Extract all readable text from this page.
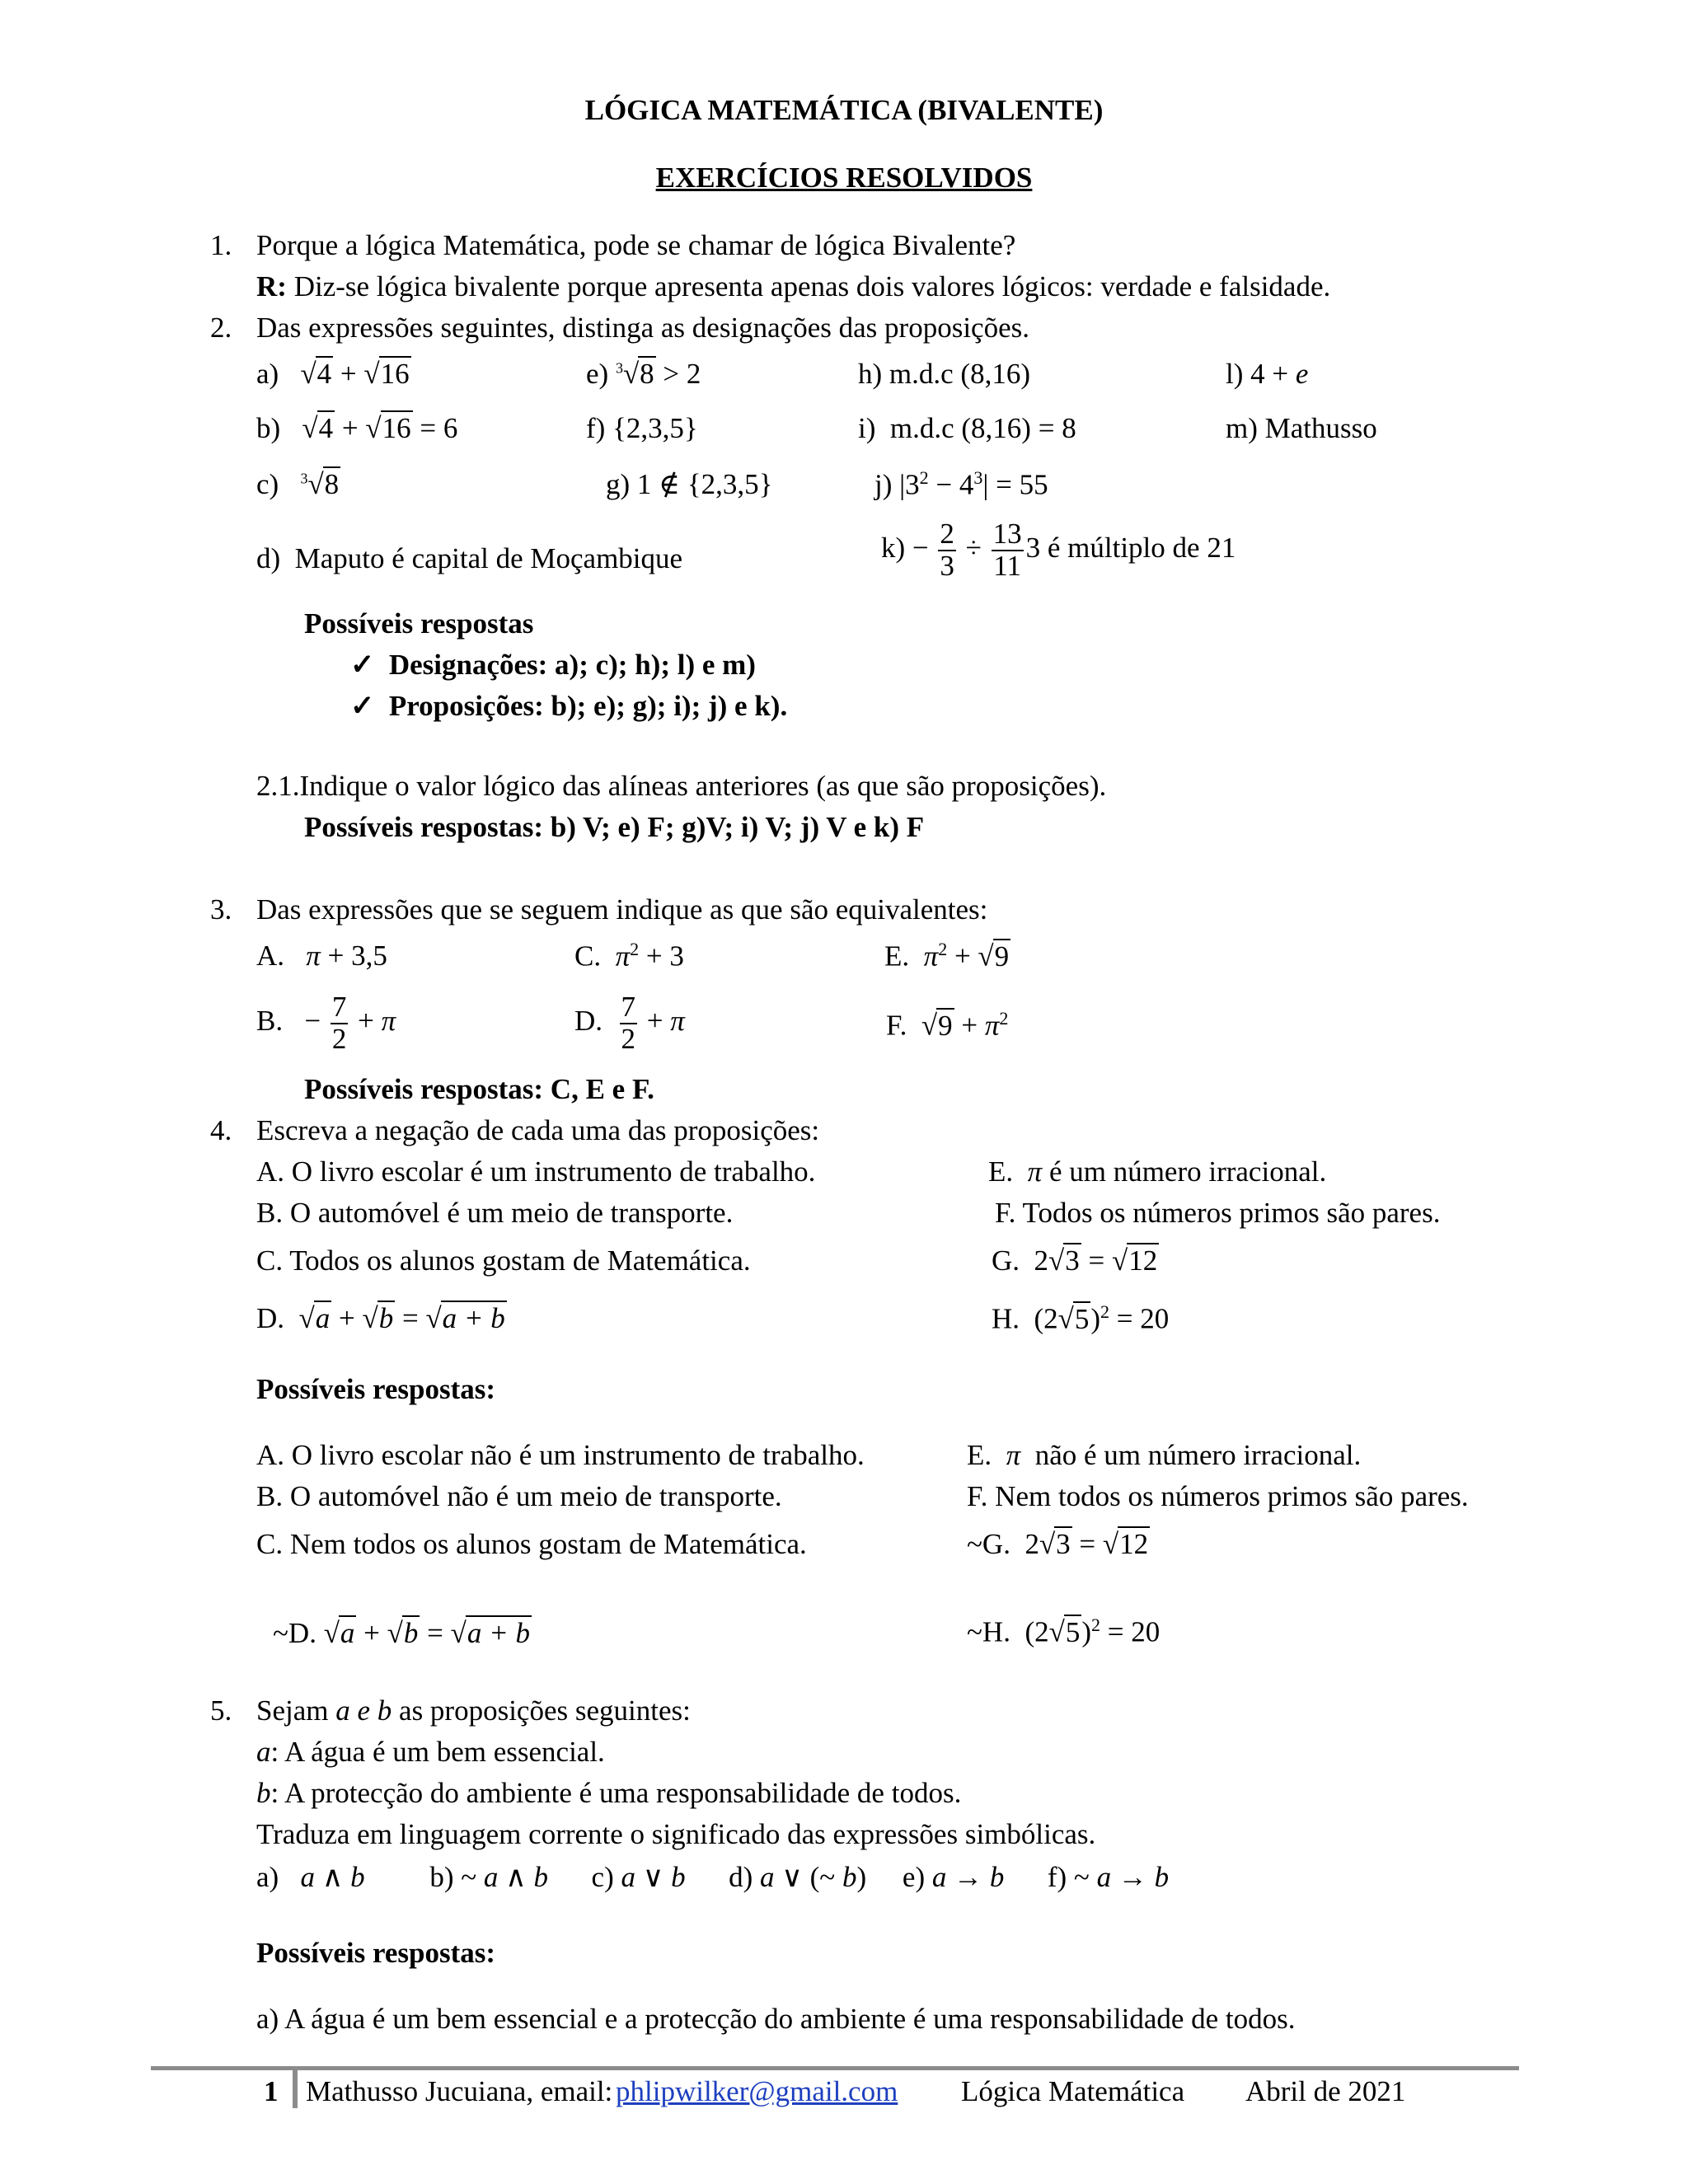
LÓGICA MATEMÁTICA (BIVALENTE)
EXERCÍCIOS RESOLVIDOS
1. Porque a lógica Matemática, pode se chamar de lógica Bivalente?
R: Diz-se lógica bivalente porque apresenta apenas dois valores lógicos: verdade e falsidade.
2. Das expressões seguintes, distinga as designações das proposições.
a)   √4 + √16	e) $^3$√8 > 2	h) m.d.c (8,16)	l) 4 + e
b)   √4 + √16 = 6	f) {2,3,5}	i) m.d.c (8,16) = 8	m) Mathusso
c) $^3$√8	g) 1 ∉ {2,3,5}	j) $|3^2 - 4^3| = 55$
d) Maputo é capital de Moçambique	$k) - \frac{2}{3} \div \frac{13}{11} 3$ é múltiplo de 21
Possíveis respostas
✓ Designações: a); c); h); l) e m)
✓ Proposições: b); e); g); i); j) e k).
2.1.Indique o valor lógico das alíneas anteriores (as que são proposições).
Possíveis respostas: b) V; e) F; g)V; i) V; j) V e k) F
3. Das expressões que se seguem indique as que são equivalentes:
A.   π + 3,5	C.  $\pi^2 + 3$	E.  $\pi^2 + √9$
B.   − $\frac{7}{2} + \pi$	D. $\frac{7}{2} + \pi$	F.  $√9 + \pi^2$
Possíveis respostas: C, E e F.
4. Escreva a negação de cada uma das proposições:
A. O livro escolar é um instrumento de trabalho.	E.  π é um número irracional.
B. O automóvel é um meio de transporte.	F. Todos os números primos são pares.
C. Todos os alunos gostam de Matemática.	G.  2√3 = √12
D.  √a + √b = √a + b	H.  $(2√5)^2 = 20$
Possíveis respostas:
A. O livro escolar não é um instrumento de trabalho.	E.  π não é um número irracional.
B. O automóvel não é um meio de transporte.	F. Nem todos os números primos são pares.
C. Nem todos os alunos gostam de Matemática.	~G.  2√3 = √12
~D. √a + √b = √a + b	~H.  $(2√5)^2 = 20$
5. Sejam a e b as proposições seguintes:
a: A água é um bem essencial.
b: A protecção do ambiente é uma responsabilidade de todos.
Traduza em linguagem corrente o significado das expressões simbólicas.
a)   a ∧ b         b) ~ a ∧ b      c) a ∨ b      d) a ∨ (~ b)     e) a → b      f) ~ a → b
Possíveis respostas:
a) A água é um bem essencial e a protecção do ambiente é uma responsabilidade de todos.
1 Mathusso Jucuiana, email: phlipwilker@gmail.com Lógica Matemática Abril de 2021
